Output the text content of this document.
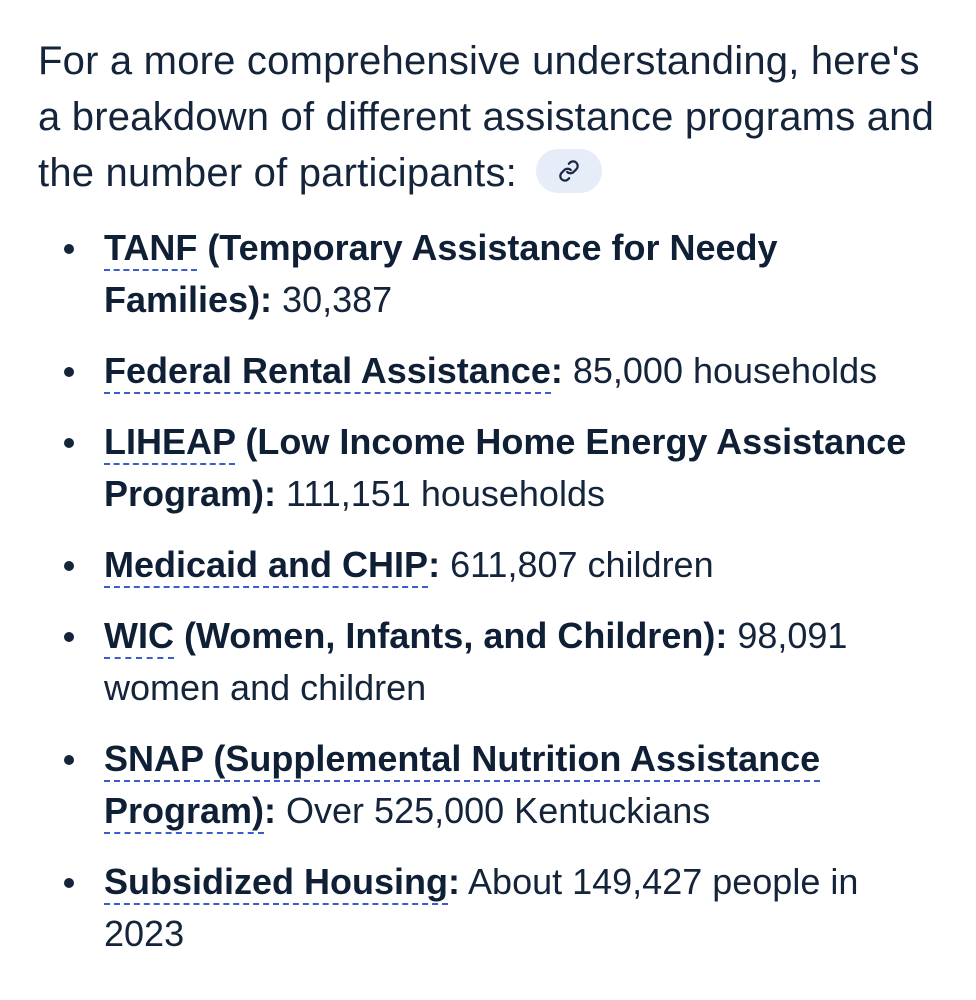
For a more comprehensive understanding, here's a breakdown of different assistance programs and the number of participants:
TANF (Temporary Assistance for Needy Families): 30,387
Federal Rental Assistance: 85,000 households
LIHEAP (Low Income Home Energy Assistance Program): 111,151 households
Medicaid and CHIP: 611,807 children
WIC (Women, Infants, and Children): 98,091 women and children
SNAP (Supplemental Nutrition Assistance Program): Over 525,000 Kentuckians
Subsidized Housing: About 149,427 people in 2023
